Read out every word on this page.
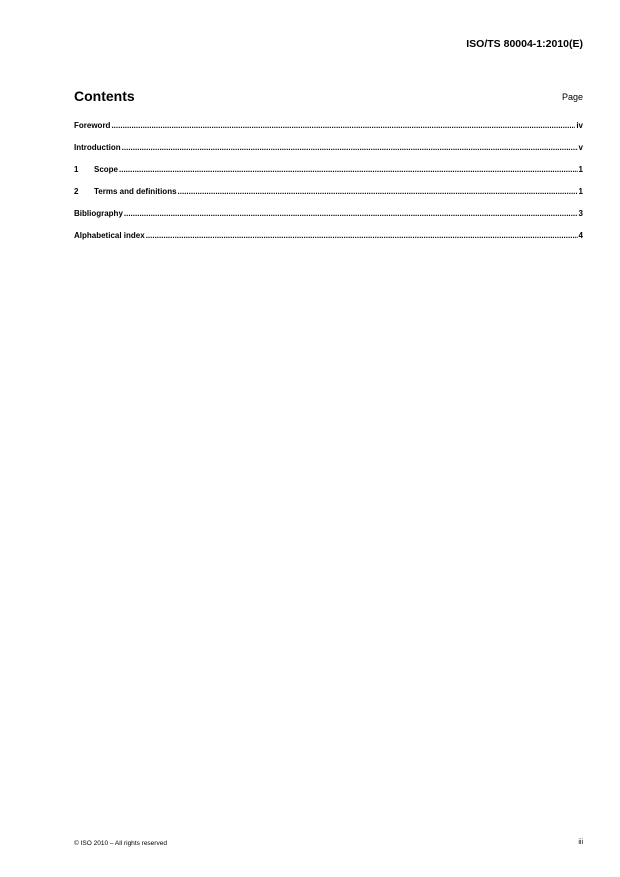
ISO/TS 80004-1:2010(E)
Contents	Page
Foreword .....	iv
Introduction .....	v
1	Scope .....	1
2	Terms and definitions .....	1
Bibliography .....	3
Alphabetical index .....	4
© ISO 2010 – All rights reserved	iii
